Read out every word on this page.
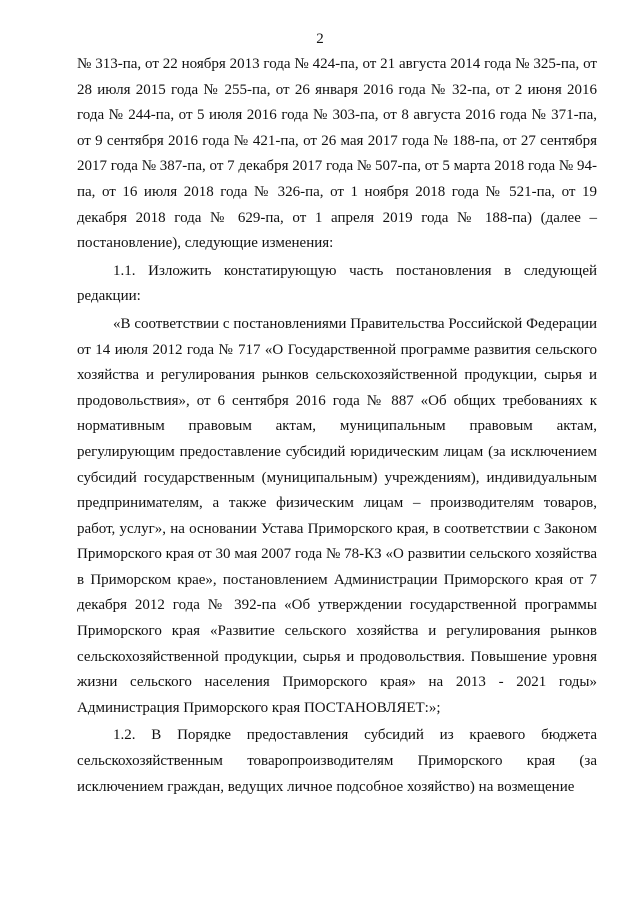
2

№ 313-па, от 22 ноября 2013 года № 424-па, от 21 августа 2014 года № 325-па, от 28 июля 2015 года № 255-па, от 26 января 2016 года № 32-па, от 2 июня 2016 года № 244-па, от 5 июля 2016 года № 303-па, от 8 августа 2016 года № 371-па, от 9 сентября 2016 года № 421-па, от 26 мая 2017 года № 188-па, от 27 сентября 2017 года № 387-па, от 7 декабря 2017 года № 507-па, от 5 марта 2018 года № 94-па, от 16 июля 2018 года № 326-па, от 1 ноября 2018 года № 521-па, от 19 декабря 2018 года № 629-па, от 1 апреля 2019 года № 188-па) (далее – постановление), следующие изменения:

1.1. Изложить констатирующую часть постановления в следующей редакции:

«В соответствии с постановлениями Правительства Российской Федерации от 14 июля 2012 года № 717 «О Государственной программе развития сельского хозяйства и регулирования рынков сельскохозяйственной продукции, сырья и продовольствия», от 6 сентября 2016 года № 887 «Об общих требованиях к нормативным правовым актам, муниципальным правовым актам, регулирующим предоставление субсидий юридическим лицам (за исключением субсидий государственным (муниципальным) учреждениям), индивидуальным предпринимателям, а также физическим лицам – производителям товаров, работ, услуг», на основании Устава Приморского края, в соответствии с Законом Приморского края от 30 мая 2007 года № 78-КЗ «О развитии сельского хозяйства в Приморском крае», постановлением Администрации Приморского края от 7 декабря 2012 года № 392-па «Об утверждении государственной программы Приморского края «Развитие сельского хозяйства и регулирования рынков сельскохозяйственной продукции, сырья и продовольствия. Повышение уровня жизни сельского населения Приморского края» на 2013 - 2021 годы» Администрация Приморского края ПОСТАНОВЛЯЕТ:»;

1.2. В Порядке предоставления субсидий из краевого бюджета сельскохозяйственным товаропроизводителям Приморского края (за исключением граждан, ведущих личное подсобное хозяйство) на возмещение
